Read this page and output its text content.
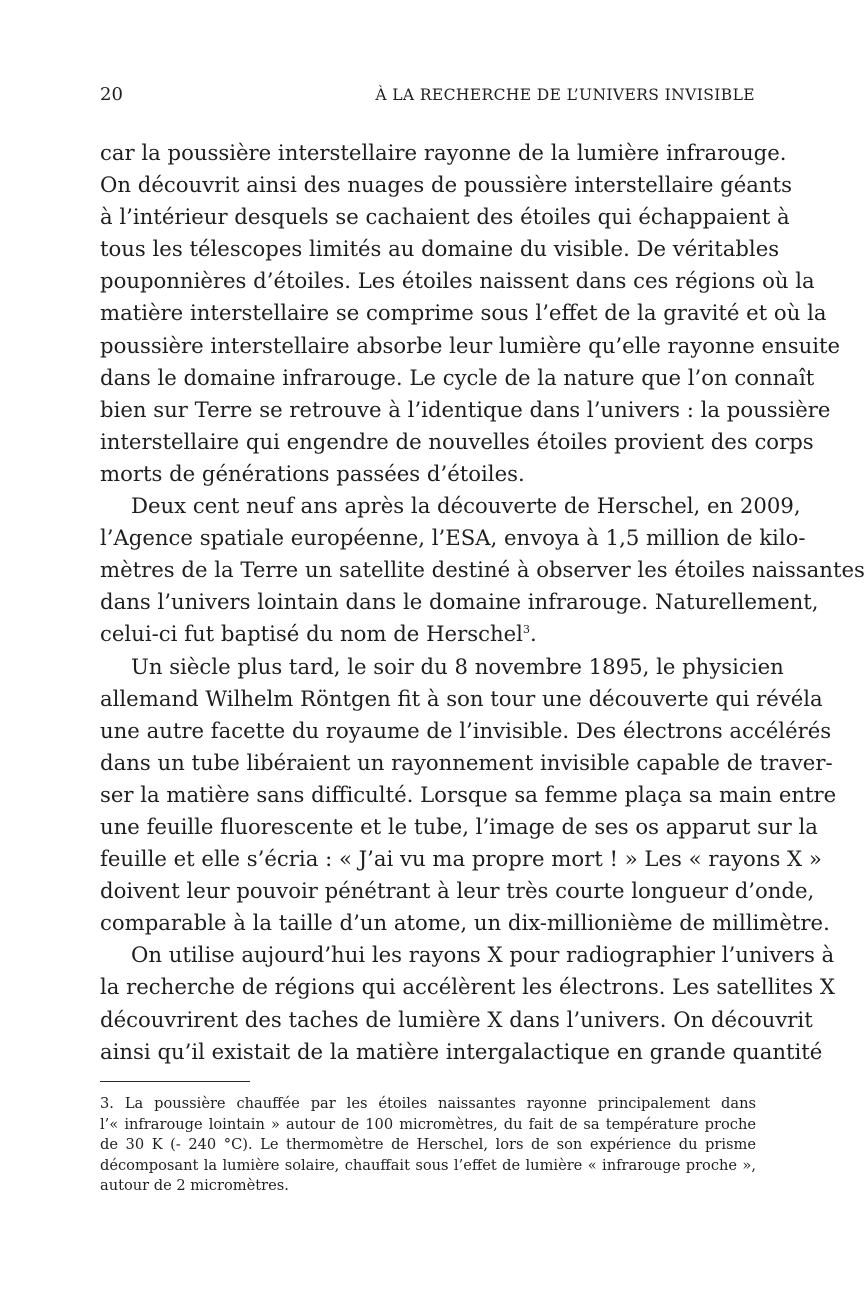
20	À LA RECHERCHE DE L’UNIVERS INVISIBLE
car la poussière interstellaire rayonne de la lumière infrarouge.
On découvrit ainsi des nuages de poussière interstellaire géants
à l’intérieur desquels se cachaient des étoiles qui échappaient à
tous les télescopes limités au domaine du visible. De véritables
pouponnières d’étoiles. Les étoiles naissent dans ces régions où la
matière interstellaire se comprime sous l’effet de la gravité et où la
poussière interstellaire absorbe leur lumière qu’elle rayonne ensuite
dans le domaine infrarouge. Le cycle de la nature que l’on connaît
bien sur Terre se retrouve à l’identique dans l’univers : la poussière
interstellaire qui engendre de nouvelles étoiles provient des corps
morts de générations passées d’étoiles.
Deux cent neuf ans après la découverte de Herschel, en 2009,
l’Agence spatiale européenne, l’ESA, envoya à 1,5 million de kilo-
mètres de la Terre un satellite destiné à observer les étoiles naissantes
dans l’univers lointain dans le domaine infrarouge. Naturellement,
celui-ci fut baptisé du nom de Herschel$^3$.
Un siècle plus tard, le soir du 8 novembre 1895, le physicien
allemand Wilhelm Röntgen fit à son tour une découverte qui révéla
une autre facette du royaume de l’invisible. Des électrons accélérés
dans un tube libéraient un rayonnement invisible capable de traver-
ser la matière sans difficulté. Lorsque sa femme plaça sa main entre
une feuille fluorescente et le tube, l’image de ses os apparut sur la
feuille et elle s’écria : « J’ai vu ma propre mort ! » Les « rayons X »
doivent leur pouvoir pénétrant à leur très courte longueur d’onde,
comparable à la taille d’un atome, un dix-millionième de millimètre.
On utilise aujourd’hui les rayons X pour radiographier l’univers à
la recherche de régions qui accélèrent les électrons. Les satellites X
découvrirent des taches de lumière X dans l’univers. On découvrit
ainsi qu’il existait de la matière intergalactique en grande quantité
3. La poussière chauffée par les étoiles naissantes rayonne principalement dans
l’« infrarouge lointain » autour de 100 micromètres, du fait de sa température proche
de 30 K (- 240 °C). Le thermomètre de Herschel, lors de son expérience du prisme
décomposant la lumière solaire, chauffait sous l’effet de lumière « infrarouge proche »,
autour de 2 micromètres.
